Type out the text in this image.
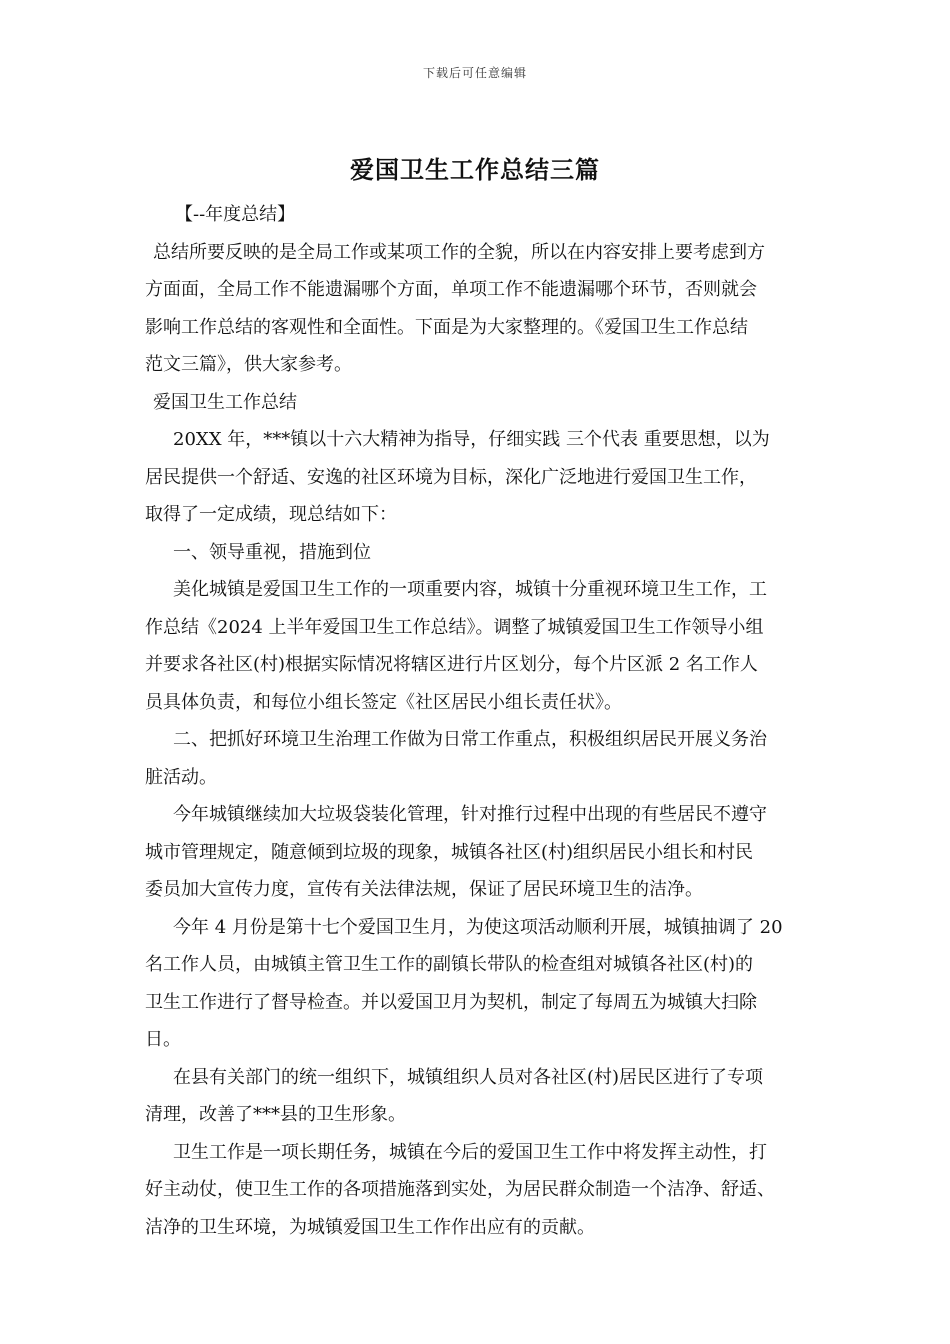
下载后可任意编辑
爱国卫生工作总结三篇
【--年度总结】
总结所要反映的是全局工作或某项工作的全貌，所以在内容安排上要考虑到方
方面面，全局工作不能遗漏哪个方面，单项工作不能遗漏哪个环节，否则就会
影响工作总结的客观性和全面性。下面是为大家整理的。《爱国卫生工作总结
范文三篇》，供大家参考。
爱国卫生工作总结
20XX 年，***镇以十六大精神为指导，仔细实践 三个代表 重要思想，以为
居民提供一个舒适、安逸的社区环境为目标，深化广泛地进行爱国卫生工作，
取得了一定成绩，现总结如下：
一、领导重视，措施到位
美化城镇是爱国卫生工作的一项重要内容，城镇十分重视环境卫生工作，工
作总结《2024 上半年爱国卫生工作总结》。调整了城镇爱国卫生工作领导小组
并要求各社区(村)根据实际情况将辖区进行片区划分，每个片区派 2 名工作人
员具体负责，和每位小组长签定《社区居民小组长责任状》。
二、把抓好环境卫生治理工作做为日常工作重点，积极组织居民开展义务治
脏活动。
今年城镇继续加大垃圾袋装化管理，针对推行过程中出现的有些居民不遵守
城市管理规定，随意倾到垃圾的现象，城镇各社区(村)组织居民小组长和村民
委员加大宣传力度，宣传有关法律法规，保证了居民环境卫生的洁净。
今年 4 月份是第十七个爱国卫生月，为使这项活动顺利开展，城镇抽调了 20
名工作人员，由城镇主管卫生工作的副镇长带队的检查组对城镇各社区(村)的
卫生工作进行了督导检查。并以爱国卫月为契机，制定了每周五为城镇大扫除
日。
在县有关部门的统一组织下，城镇组织人员对各社区(村)居民区进行了专项
清理，改善了***县的卫生形象。
卫生工作是一项长期任务，城镇在今后的爱国卫生工作中将发挥主动性，打
好主动仗，使卫生工作的各项措施落到实处，为居民群众制造一个洁净、舒适、
洁净的卫生环境，为城镇爱国卫生工作作出应有的贡献。
